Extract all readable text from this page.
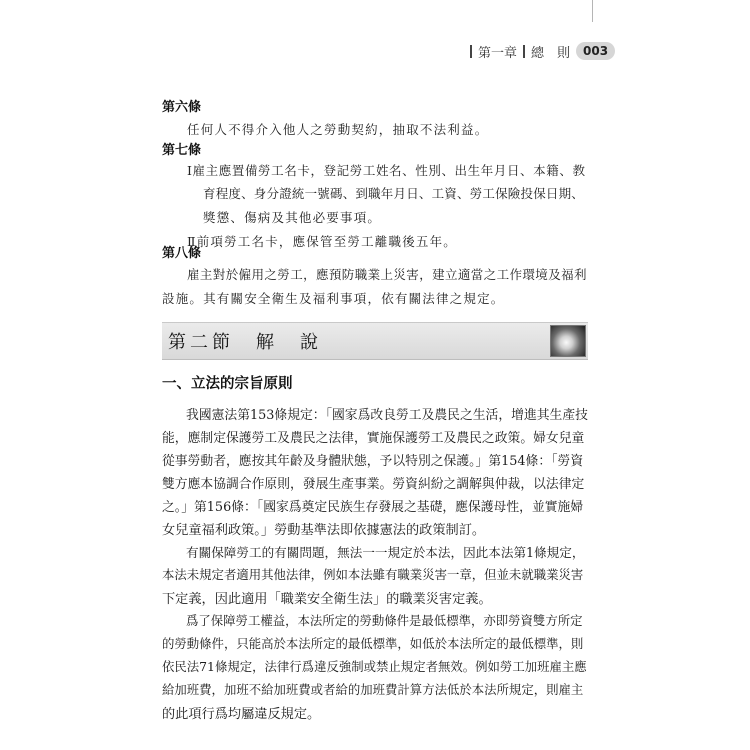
第一章 總　則	003
第六條
任何人不得介入他人之勞動契約，抽取不法利益。
第七條
Ⅰ雇主應置備勞工名卡，登記勞工姓名、性別、出生年月日、本籍、教
育程度、身分證統一號碼、到職年月日、工資、勞工保險投保日期、
獎懲、傷病及其他必要事項。
Ⅱ前項勞工名卡，應保管至勞工離職後五年。
第八條
雇主對於僱用之勞工，應預防職業上災害，建立適當之工作環境及福利
設施。其有關安全衛生及福利事項，依有關法律之規定。
第二節　解　說
一、立法的宗旨原則
我國憲法第153條規定：「國家爲改良勞工及農民之生活，增進其生產技
能，應制定保護勞工及農民之法律，實施保護勞工及農民之政策。婦女兒童
從事勞動者，應按其年齡及身體狀態，予以特別之保護。」第154條：「勞資
雙方應本協調合作原則，發展生產事業。勞資糾紛之調解與仲裁，以法律定
之。」第156條：「國家爲奠定民族生存發展之基礎，應保護母性，並實施婦
女兒童福利政策。」勞動基準法即依據憲法的政策制訂。
有關保障勞工的有關問題，無法一一規定於本法，因此本法第1條規定，
本法未規定者適用其他法律，例如本法雖有職業災害一章，但並未就職業災害
下定義，因此適用「職業安全衛生法」的職業災害定義。
爲了保障勞工權益，本法所定的勞動條件是最低標準，亦即勞資雙方所定
的勞動條件，只能高於本法所定的最低標準，如低於本法所定的最低標準，則
依民法71條規定，法律行爲違反強制或禁止規定者無效。例如勞工加班雇主應
給加班費，加班不給加班費或者給的加班費計算方法低於本法所規定，則雇主
的此項行爲均屬違反規定。
